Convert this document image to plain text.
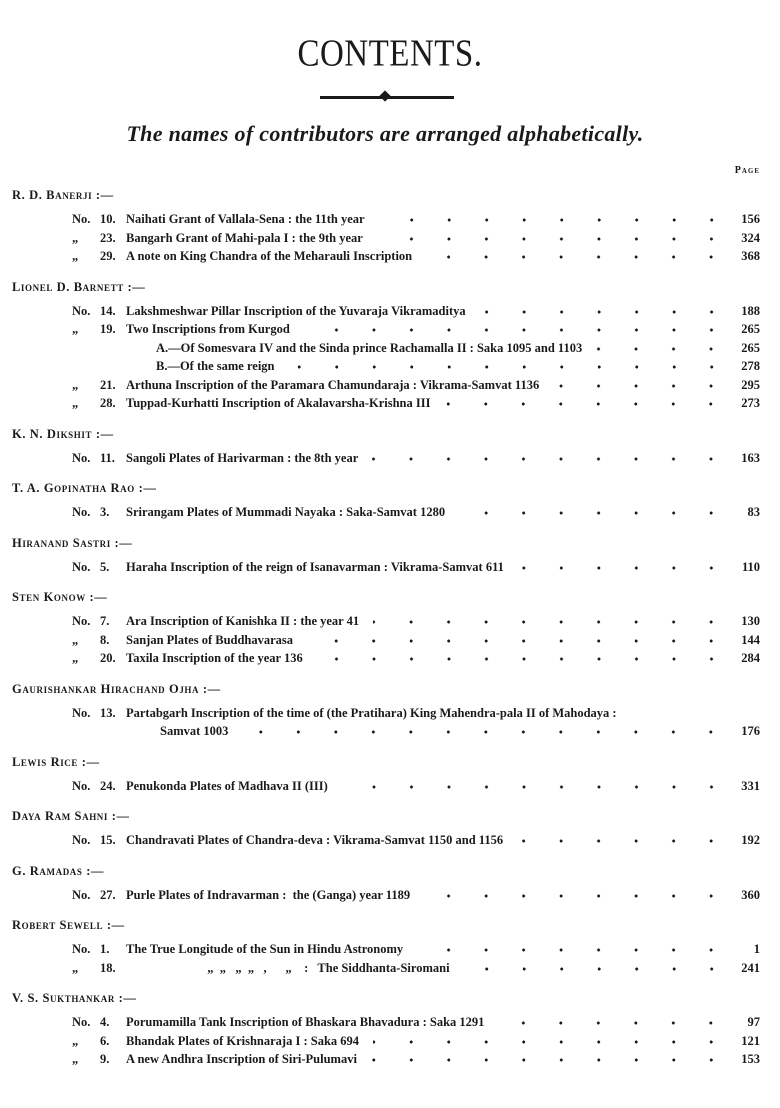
CONTENTS.
The names of contributors are arranged alphabetically.
Page
R. D. Banerji :—
No. 10. Naihati Grant of Vallala-Sena : the 11th year	156
„	23. Bangarh Grant of Mahi-pala I : the 9th year	324
„	29. A note on King Chandra of the Meharauli Inscription	368
Lionel D. Barnett :—
No. 14. Lakshmeshwar Pillar Inscription of the Yuvaraja Vikramaditya	188
„	19. Two Inscriptions from Kurgod	265
A.—Of Somesvara IV and the Sinda prince Rachamalla II : Saka 1095 and 1103	265
B.—Of the same reign	278
„	21. Arthuna Inscription of the Paramara Chamundaraja : Vikrama-Samvat 1136	295
„	28. Tuppad-Kurhatti Inscription of Akalavarsha-Krishna III	273
K. N. Dikshit :—
No. 11. Sangoli Plates of Harivarman : the 8th year	163
T. A. Gopinatha Rao :—
No. 3.	Srirangam Plates of Mummadi Nayaka : Saka-Samvat 1280	83
Hiranand Sastri :—
No. 5.	Haraha Inscription of the reign of Isanavarman : Vikrama-Samvat 611	110
Sten Konow :—
No. 7.	Ara Inscription of Kanishka II : the year 41	130
„	8.	Sanjan Plates of Buddhavarasa	144
„	20. Taxila Inscription of the year 136	284
Gaurishankar Hirachand Ojha :—
No. 13. Partabgarh Inscription of the time of (the Pratihara) King Mahendra-pala II of Mahodaya :
Samvat 1003	176
Lewis Rice :—
No. 24. Penukonda Plates of Madhava II (III)	331
Daya Ram Sahni :—
No. 15. Chandravati Plates of Chandra-deva : Vikrama-Samvat 1150 and 1156	192
G. Ramadas :—
No. 27. Purle Plates of Indravarman :  the (Ganga) year 1189	360
Robert Sewell :—
No. 1.	The True Longitude of the Sun in Hindu Astronomy	1
„	18. „  „   „  „   ,      „    :   The Siddhanta-Siromani	241
V. S. Sukthankar :—
No. 4.	Porumamilla Tank Inscription of Bhaskara Bhavadura : Saka 1291	97
„	6.	Bhandak Plates of Krishnaraja I : Saka 694	121
„	9.	A new Andhra Inscription of Siri-Pulumavi	153
